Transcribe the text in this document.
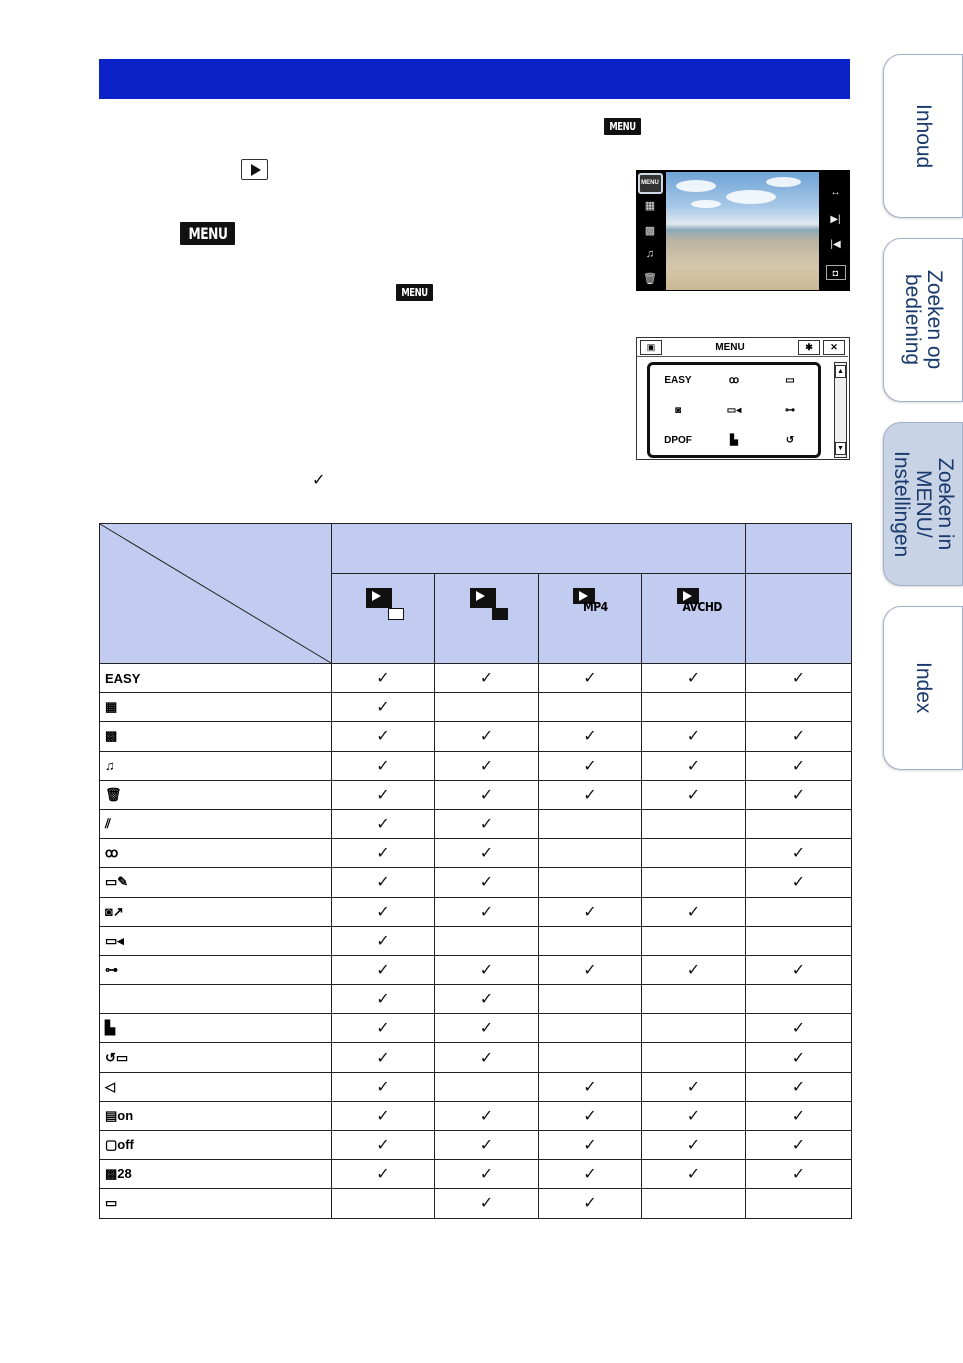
MENU
MENU
MENU
✓
MENU
▦
▩
♫
🗑
↔
▶|
|◀
◘
▣	MENU	✱	✕
EASY	ꝏ	▭
◙	▭◂	⊶
DPOF	▙	↺
▲
▼

			MP4	AVCHD	

EASY	✓	✓	✓	✓	✓
▦	✓				
▩	✓	✓	✓	✓	✓
♫	✓	✓	✓	✓	✓
🗑	✓	✓	✓	✓	✓
⫽	✓	✓			
ꝏ	✓	✓			✓
▭✎	✓	✓			✓
◙↗	✓	✓	✓	✓	
▭◂	✓				
⊶	✓	✓	✓	✓	✓
	✓	✓			
▙	✓	✓			✓
↺▭	✓	✓			✓
◁	✓		✓	✓	✓
▤on	✓	✓	✓	✓	✓
▢off	✓	✓	✓	✓	✓
▩28	✓	✓	✓	✓	✓
▭		✓	✓		
Inhoud
Zoeken op
bediening
Zoeken in MENU/
Instellingen
Index
